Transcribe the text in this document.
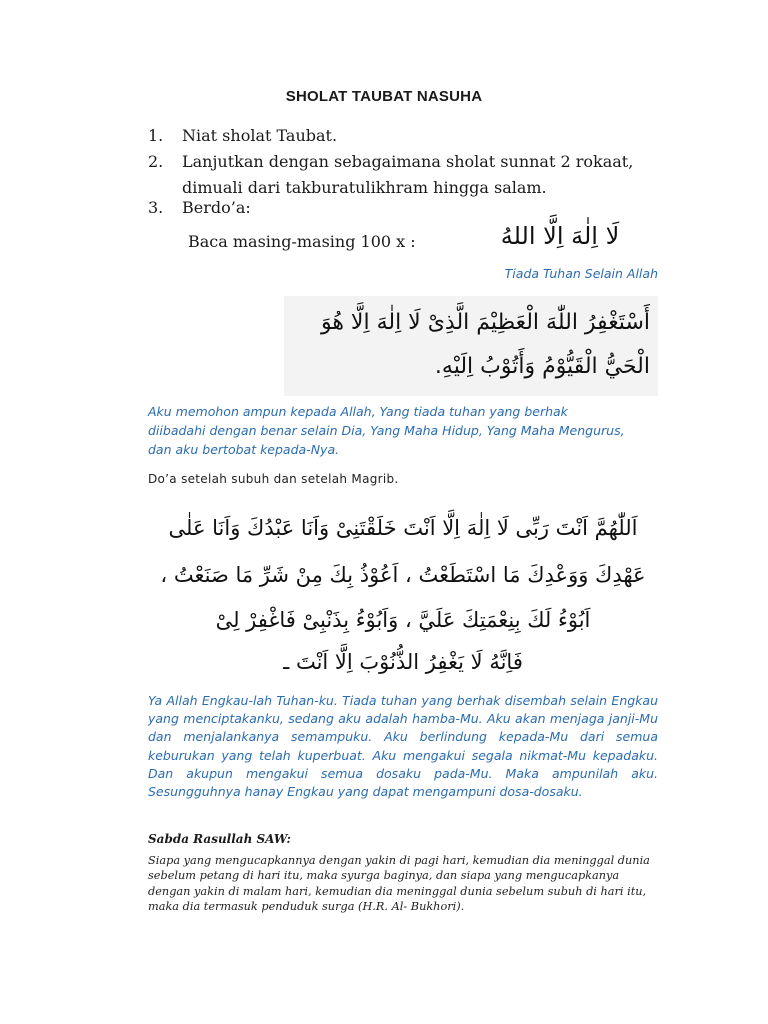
SHOLAT TAUBAT NASUHA
1. Niat sholat Taubat.
2. Lanjutkan dengan sebagaimana sholat sunnat 2 rokaat, dimuali dari takburatulikhram hingga salam.
3. Berdo’a:
Baca masing-masing 100 x :	لَا اِلٰهَ اِلَّا اللهُ
Tiada Tuhan Selain Allah
أَسْتَغْفِرُ اللّٰهَ الْعَظِيْمَ الَّذِىْ لَا اِلٰهَ اِلَّا هُوَ
الْحَيُّ الْقَيُّوْمُ وَأَتُوْبُ اِلَيْهِ.
Aku memohon ampun kepada Allah, Yang tiada tuhan yang berhak diibadahi dengan benar selain Dia, Yang Maha Hidup, Yang Maha Mengurus, dan aku bertobat kepada-Nya.
Do’a setelah subuh dan setelah Magrib.
اَللّٰهُمَّ اَنْتَ رَبِّى لَا اِلٰهَ اِلَّا اَنْتَ خَلَقْتَنِىْ وَاَنَا عَبْدُكَ وَاَنَا عَلٰى
عَهْدِكَ وَوَعْدِكَ مَا اسْتَطَعْتُ ، اَعُوْذُ بِكَ مِنْ شَرِّ مَا صَنَعْتُ ،
اَبُوْءُ لَكَ بِنِعْمَتِكَ عَلَيَّ ، وَاَبُوْءُ بِذَنْبِىْ فَاغْفِرْ لِىْ
فَاِنَّهُ لَا يَغْفِرُ الذُّنُوْبَ اِلَّا اَنْتَ ـ
Ya Allah Engkau-lah Tuhan-ku. Tiada tuhan yang berhak disembah selain Engkau yang menciptakanku, sedang aku adalah hamba-Mu. Aku akan menjaga janji-Mu dan menjalankanya semampuku. Aku berlindung kepada-Mu dari semua keburukan yang telah kuperbuat. Aku mengakui segala nikmat-Mu kepadaku. Dan akupun mengakui semua dosaku pada-Mu. Maka ampunilah aku. Sesungguhnya hanay Engkau yang dapat mengampuni dosa-dosaku.
Sabda Rasullah SAW:
Siapa yang mengucapkannya dengan yakin di pagi hari, kemudian dia meninggal dunia sebelum petang di hari itu, maka syurga baginya, dan siapa yang mengucapkanya dengan yakin di malam hari, kemudian dia meninggal dunia sebelum subuh di hari itu, maka dia termasuk penduduk surga (H.R. Al- Bukhori).
